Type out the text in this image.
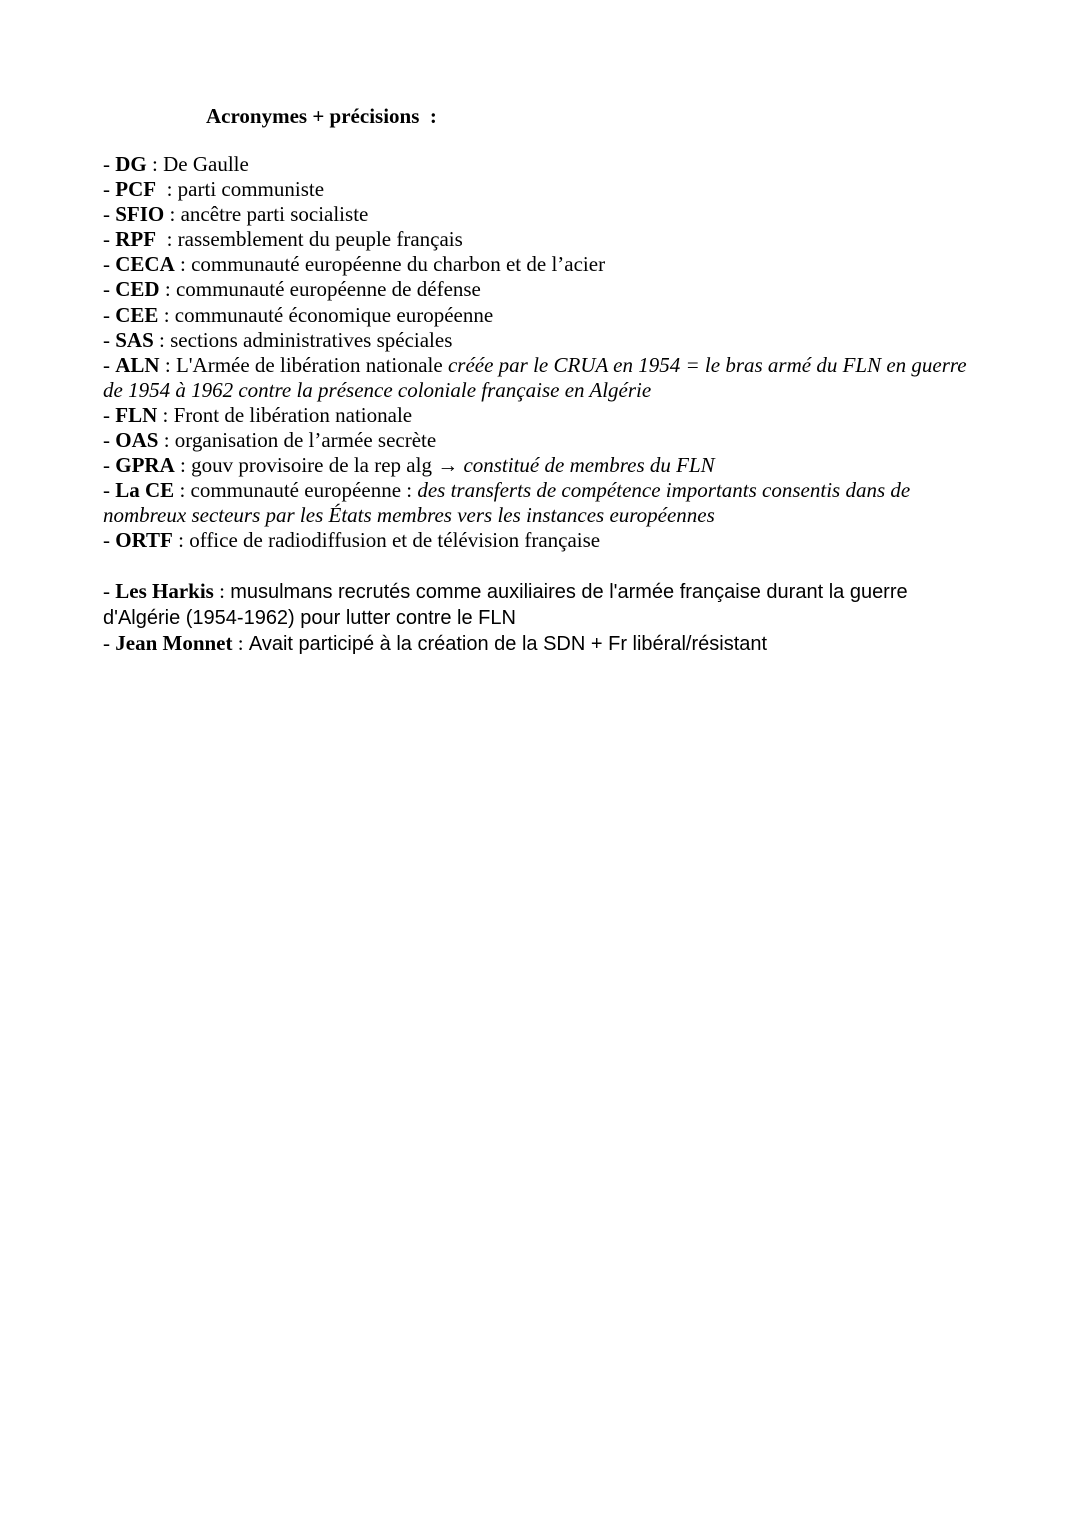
Acronymes + précisions  :

- DG : De Gaulle

- PCF  : parti communiste

- SFIO : ancêtre parti socialiste

- RPF  : rassemblement du peuple français

- CECA : communauté européenne du charbon et de l’acier

- CED : communauté européenne de défense

- CEE : communauté économique européenne

- SAS : sections administratives spéciales

- ALN : L'Armée de libération nationale créée par le CRUA en 1954 = le bras armé du FLN en guerre de 1954 à 1962 contre la présence coloniale française en Algérie

- FLN : Front de libération nationale

- OAS : organisation de l’armée secrète

- GPRA : gouv provisoire de la rep alg → constitué de membres du FLN

- La CE : communauté européenne : des transferts de compétence importants consentis dans de nombreux secteurs par les États membres vers les instances européennes

- ORTF : office de radiodiffusion et de télévision française

- Les Harkis : musulmans recrutés comme auxiliaires de l'armée française durant la guerre d'Algérie (1954-1962) pour lutter contre le FLN

- Jean Monnet : Avait participé à la création de la SDN + Fr libéral/résistant
